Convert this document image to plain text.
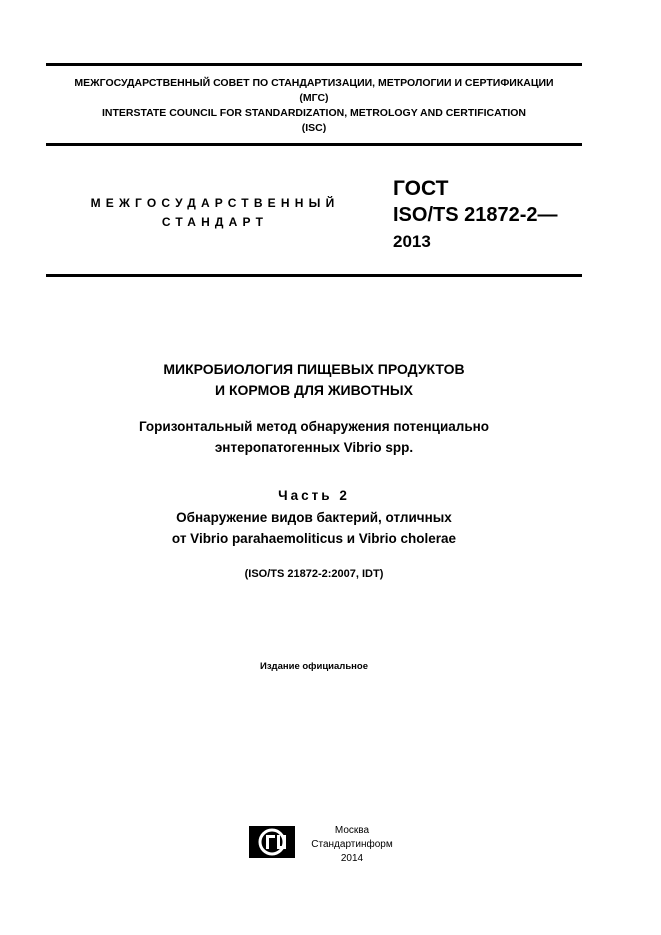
МЕЖГОСУДАРСТВЕННЫЙ СОВЕТ ПО СТАНДАРТИЗАЦИИ, МЕТРОЛОГИИ И СЕРТИФИКАЦИИ
(МГС)
INTERSTATE COUNCIL FOR STANDARDIZATION, METROLOGY AND CERTIFICATION
(ISC)
МЕЖГОСУДАРСТВЕННЫЙ
СТАНДАРТ
ГОСТ
ISO/TS 21872-2—
2013
МИКРОБИОЛОГИЯ ПИЩЕВЫХ ПРОДУКТОВ
И КОРМОВ ДЛЯ ЖИВОТНЫХ
Горизонтальный метод обнаружения потенциально
энтеропатогенных Vibrio spp.
Часть 2
Обнаружение видов бактерий, отличных
от Vibrio parahaemoliticus и Vibrio cholerae
(ISO/TS 21872-2:2007, IDT)
Издание официальное
Москва
Стандартинформ
2014
